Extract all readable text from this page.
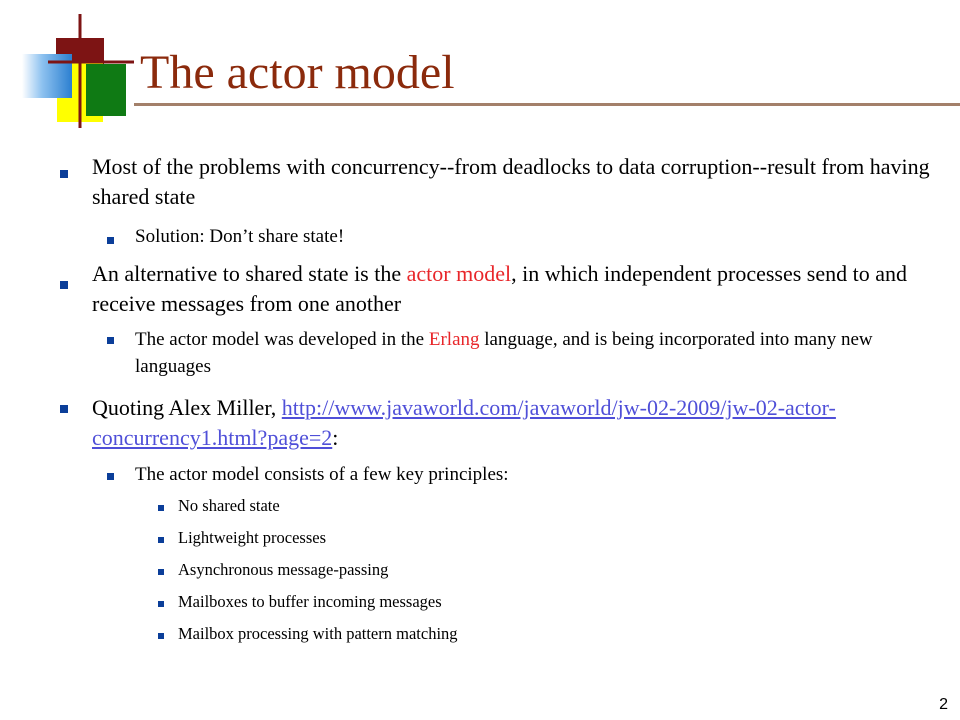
The actor model
Most of the problems with concurrency--from deadlocks to data corruption--result from having shared state
Solution: Don’t share state!
An alternative to shared state is the actor model, in which independent processes send to and receive messages from one another
The actor model was developed in the Erlang language, and is being incorporated into many new languages
Quoting Alex Miller, http://www.javaworld.com/javaworld/jw-02-2009/jw-02-actor-concurrency1.html?page=2:
The actor model consists of a few key principles:
No shared state
Lightweight processes
Asynchronous message-passing
Mailboxes to buffer incoming messages
Mailbox processing with pattern matching
2
